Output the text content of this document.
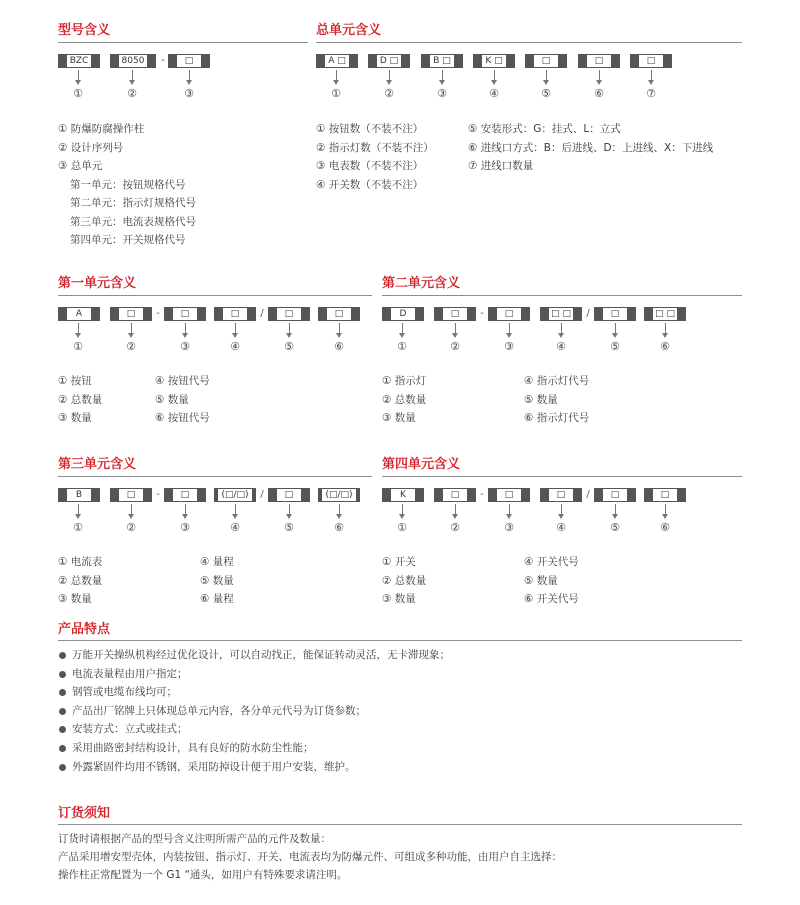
型号含义
BZC	8050	-	□
①	②	③
① 防爆防腐操作柱
② 设计序列号
③ 总单元
第一单元：按钮规格代号
第二单元：指示灯规格代号
第三单元：电流表规格代号
第四单元：开关规格代号
总单元含义
A □	D □	B □	K □	□	□	□
①	②	③	④	⑤	⑥	⑦
① 按钮数（不装不注）
② 指示灯数（不装不注）
③ 电表数（不装不注）
④ 开关数（不装不注）
⑤ 安装形式：G：挂式、L：立式
⑥ 进线口方式：B：后进线、D：上进线、X：下进线
⑦ 进线口数量
第一单元含义
A	□	-	□	□	/	□	□
①	②	③	④	⑤	⑥
① 按钮
② 总数量
③ 数量
④ 按钮代号
⑤ 数量
⑥ 按钮代号
第二单元含义
D	□	-	□	□ □	/	□	□ □
①	②	③	④	⑤	⑥
① 指示灯
② 总数量
③ 数量
④ 指示灯代号
⑤ 数量
⑥ 指示灯代号
第三单元含义
B	□	-	□	(□/□)	/	□	(□/□)
①	②	③	④	⑤	⑥
① 电流表
② 总数量
③ 数量
④ 量程
⑤ 数量
⑥ 量程
第四单元含义
K	□	-	□	□	/	□	□
①	②	③	④	⑤	⑥
① 开关
② 总数量
③ 数量
④ 开关代号
⑤ 数量
⑥ 开关代号
产品特点
万能开关操纵机构经过优化设计，可以自动找正，能保证转动灵活，无卡滞现象；
电流表量程由用户指定；
钢管或电缆布线均可；
产品出厂铭牌上只体现总单元内容，各分单元代号为订货参数；
安装方式：立式或挂式；
采用曲路密封结构设计，具有良好的防水防尘性能；
外露紧固件均用不锈钢，采用防掉设计便于用户安装，维护。
订货须知
订货时请根据产品的型号含义注明所需产品的元件及数量：
产品采用增安型壳体，内装按钮、指示灯、开关、电流表均为防爆元件、可组成多种功能，由用户自主选择：
操作柱正常配置为一个 G1 “通头，如用户有特殊要求请注明。
